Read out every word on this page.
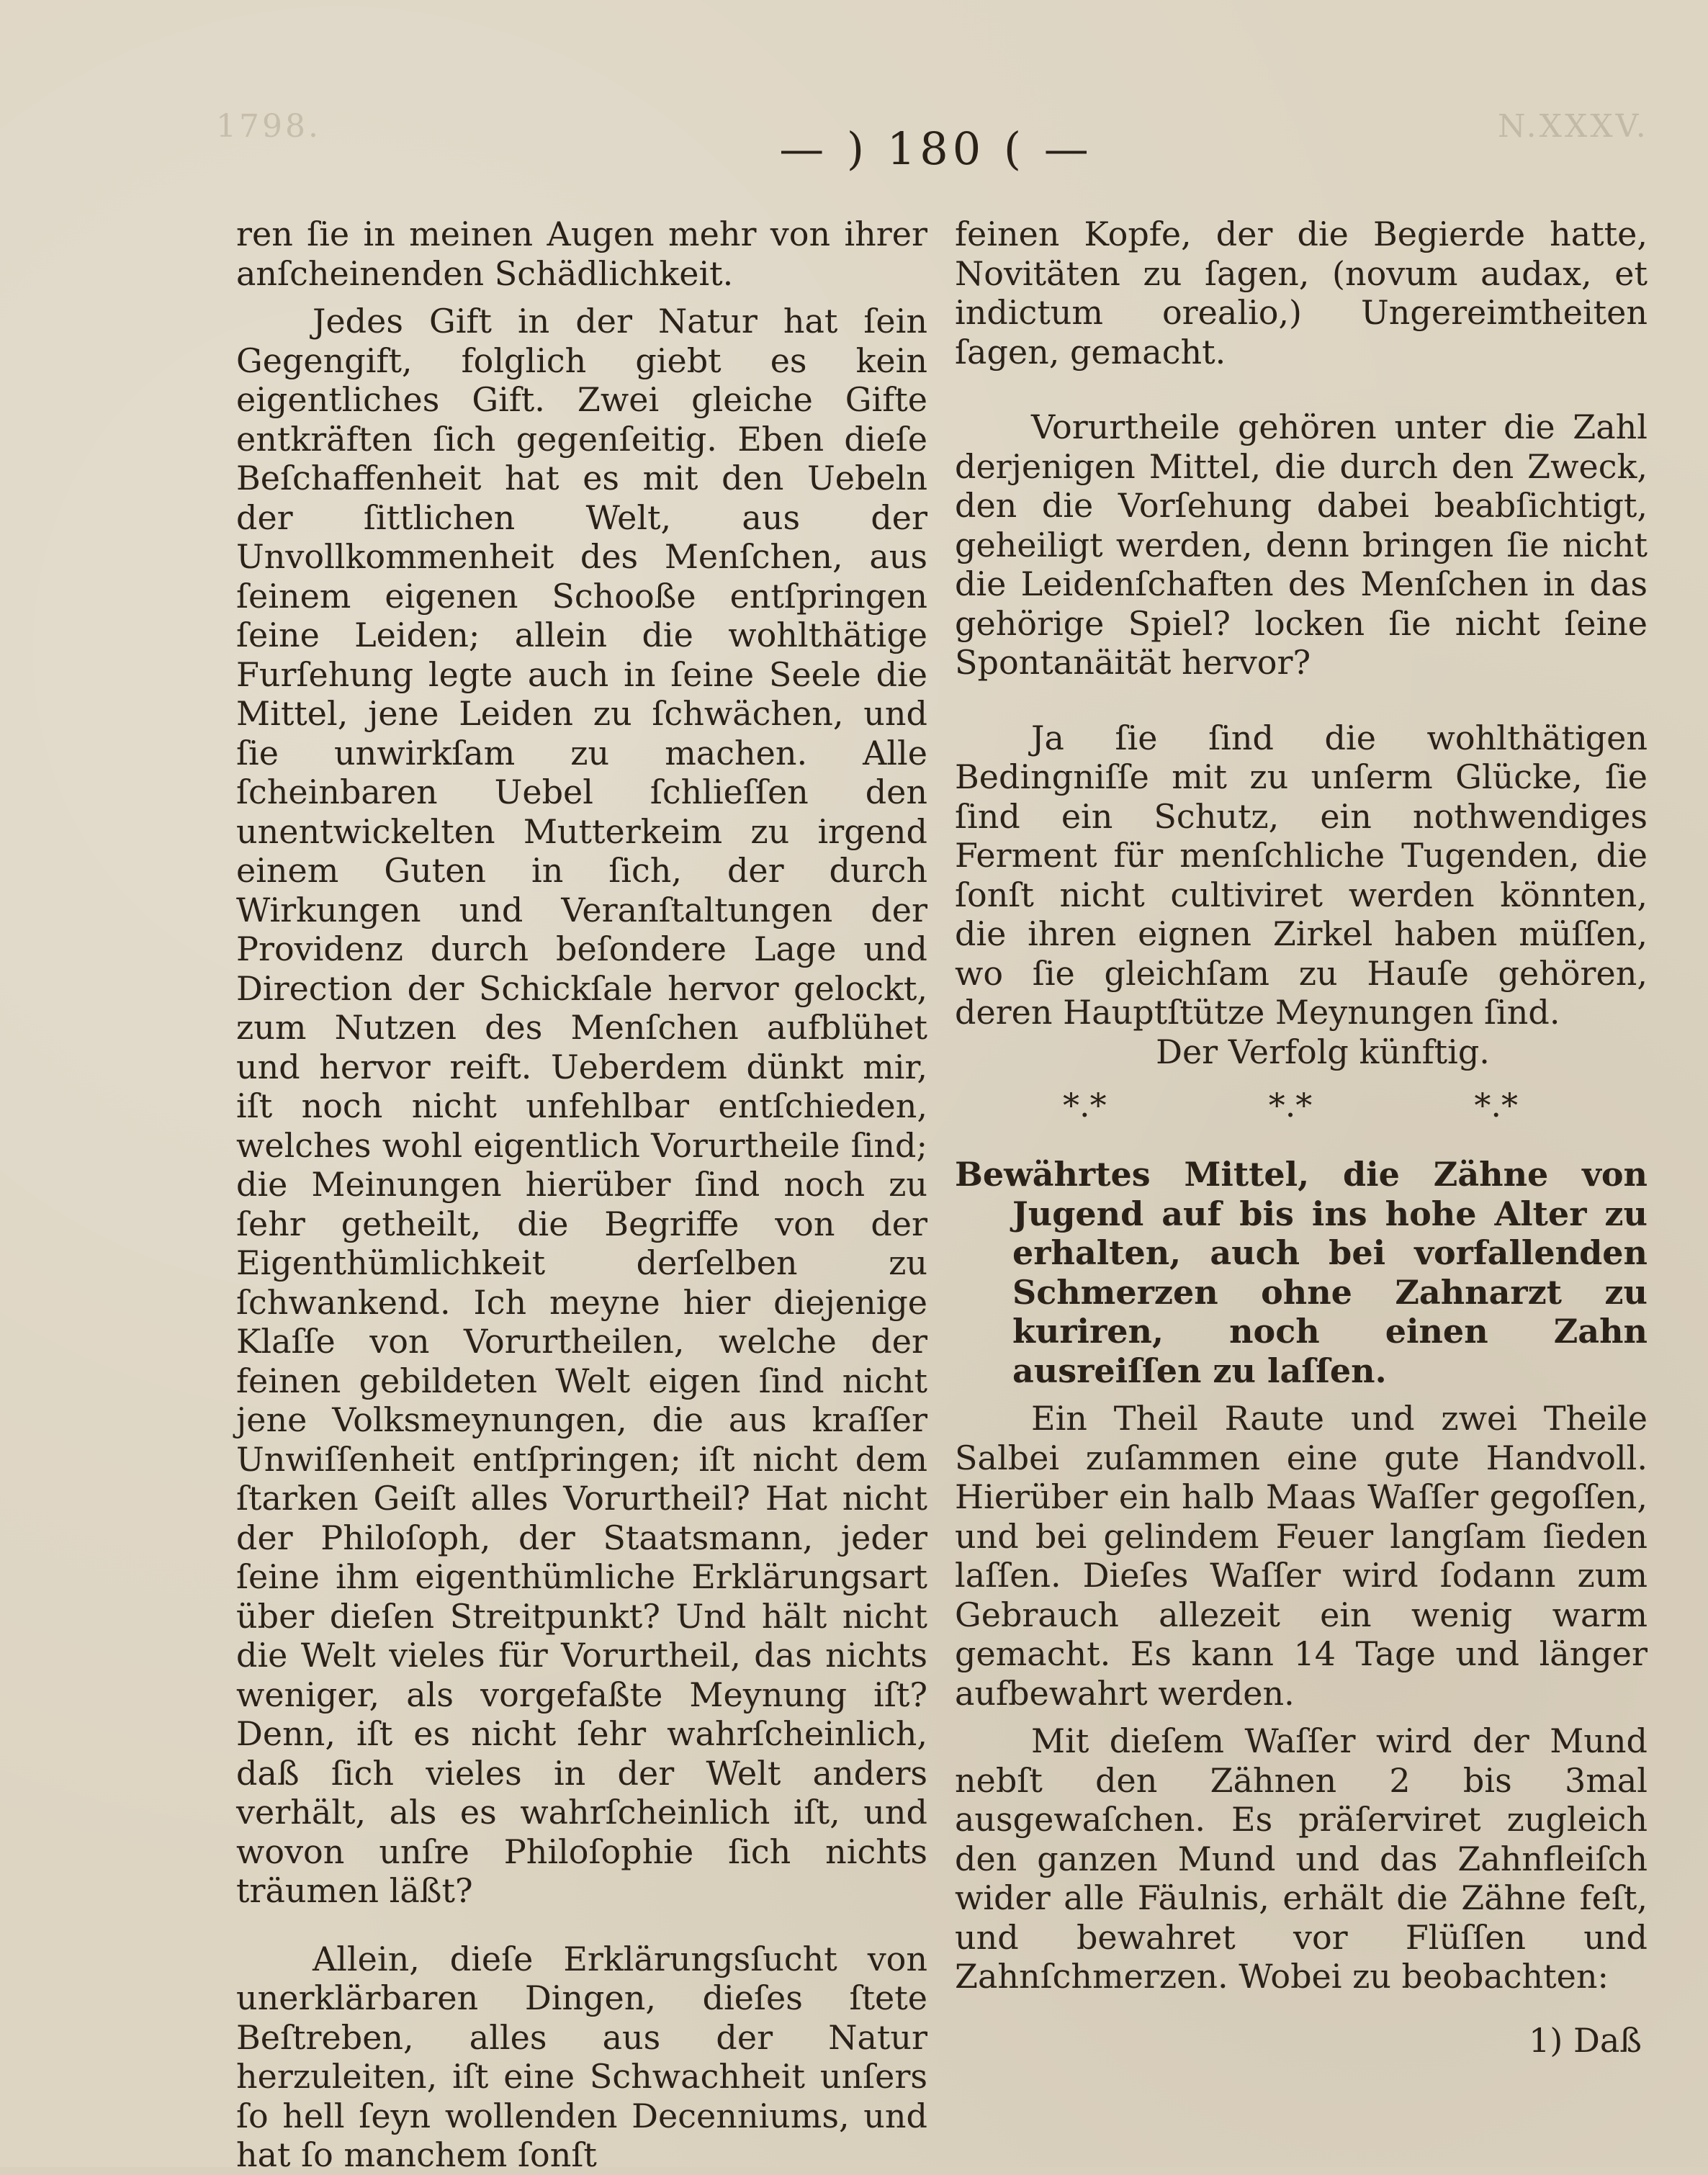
1798.	N.XXXV.
— ) 180 ( —

ren ſie in meinen Augen mehr von ihrer anſcheinenden Schädlichkeit.

Jedes Gift in der Natur hat ſein Gegengift, folglich giebt es kein eigentliches Gift. Zwei gleiche Gifte entkräften ſich gegenſeitig. Eben dieſe Beſchaffenheit hat es mit den Uebeln der ſittlichen Welt, aus der Unvollkommenheit des Menſchen, aus ſeinem eigenen Schooße entſpringen ſeine Leiden; allein die wohlthätige Furſehung legte auch in ſeine Seele die Mittel, jene Leiden zu ſchwächen, und ſie unwirkſam zu machen. Alle ſcheinbaren Uebel ſchlieſſen den unentwickelten Mutterkeim zu irgend einem Guten in ſich, der durch Wirkungen und Veranſtaltungen der Providenz durch beſondere Lage und Direction der Schickſale hervor gelockt, zum Nutzen des Menſchen aufblühet und hervor reift. Ueberdem dünkt mir, iſt noch nicht unfehlbar entſchieden, welches wohl eigentlich Vorurtheile ſind; die Meinungen hierüber ſind noch zu ſehr getheilt, die Begriffe von der Eigenthümlichkeit derſelben zu ſchwankend. Ich meyne hier diejenige Klaſſe von Vorurtheilen, welche der feinen gebildeten Welt eigen ſind nicht jene Volksmeynungen, die aus kraſſer Unwiſſenheit entſpringen; iſt nicht dem ſtarken Geiſt alles Vorurtheil? Hat nicht der Philoſoph, der Staatsmann, jeder ſeine ihm eigenthümliche Erklärungsart über dieſen Streitpunkt? Und hält nicht die Welt vieles für Vorurtheil, das nichts weniger, als vorgefaßte Meynung iſt? Denn, iſt es nicht ſehr wahrſcheinlich, daß ſich vieles in der Welt anders verhält, als es wahrſcheinlich iſt, und wovon unſre Philoſophie ſich nichts träumen läßt?

Allein, dieſe Erklärungsſucht von unerklärbaren Dingen, dieſes ſtete Beſtreben, alles aus der Natur herzuleiten, iſt eine Schwachheit unſers ſo hell ſeyn wollenden Decenniums, und hat ſo manchem ſonſt

feinen Kopfe, der die Begierde hatte, Novitäten zu ſagen, (novum audax, et indictum orealio,) Ungereimtheiten ſagen, gemacht.

Vorurtheile gehören unter die Zahl derjenigen Mittel, die durch den Zweck, den die Vorſehung dabei beabſichtigt, geheiligt werden, denn bringen ſie nicht die Leidenſchaften des Menſchen in das gehörige Spiel? locken ſie nicht ſeine Spontanäität hervor?

Ja ſie ſind die wohlthätigen Bedingniſſe mit zu unſerm Glücke, ſie ſind ein Schutz, ein nothwendiges Ferment für menſchliche Tugenden, die ſonſt nicht cultiviret werden könnten, die ihren eignen Zirkel haben müſſen, wo ſie gleichſam zu Hauſe gehören, deren Hauptſtütze Meynungen ſind.

Der Verfolg künftig.
*.*	*.*	*.*

Bewährtes Mittel, die Zähne von Jugend auf bis ins hohe Alter zu erhalten, auch bei vorfallenden Schmerzen ohne Zahnarzt zu kuriren, noch einen Zahn ausreiſſen zu laſſen.

Ein Theil Raute und zwei Theile Salbei zuſammen eine gute Handvoll. Hierüber ein halb Maas Waſſer gegoſſen, und bei gelindem Feuer langſam ſieden laſſen. Dieſes Waſſer wird ſodann zum Gebrauch allezeit ein wenig warm gemacht. Es kann 14 Tage und länger aufbewahrt werden.

Mit dieſem Waſſer wird der Mund nebſt den Zähnen 2 bis 3mal ausgewaſchen. Es präſerviret zugleich den ganzen Mund und das Zahnfleiſch wider alle Fäulnis, erhält die Zähne feſt, und bewahret vor Flüſſen und Zahnſchmerzen. Wobei zu beobachten:

1) Daß
